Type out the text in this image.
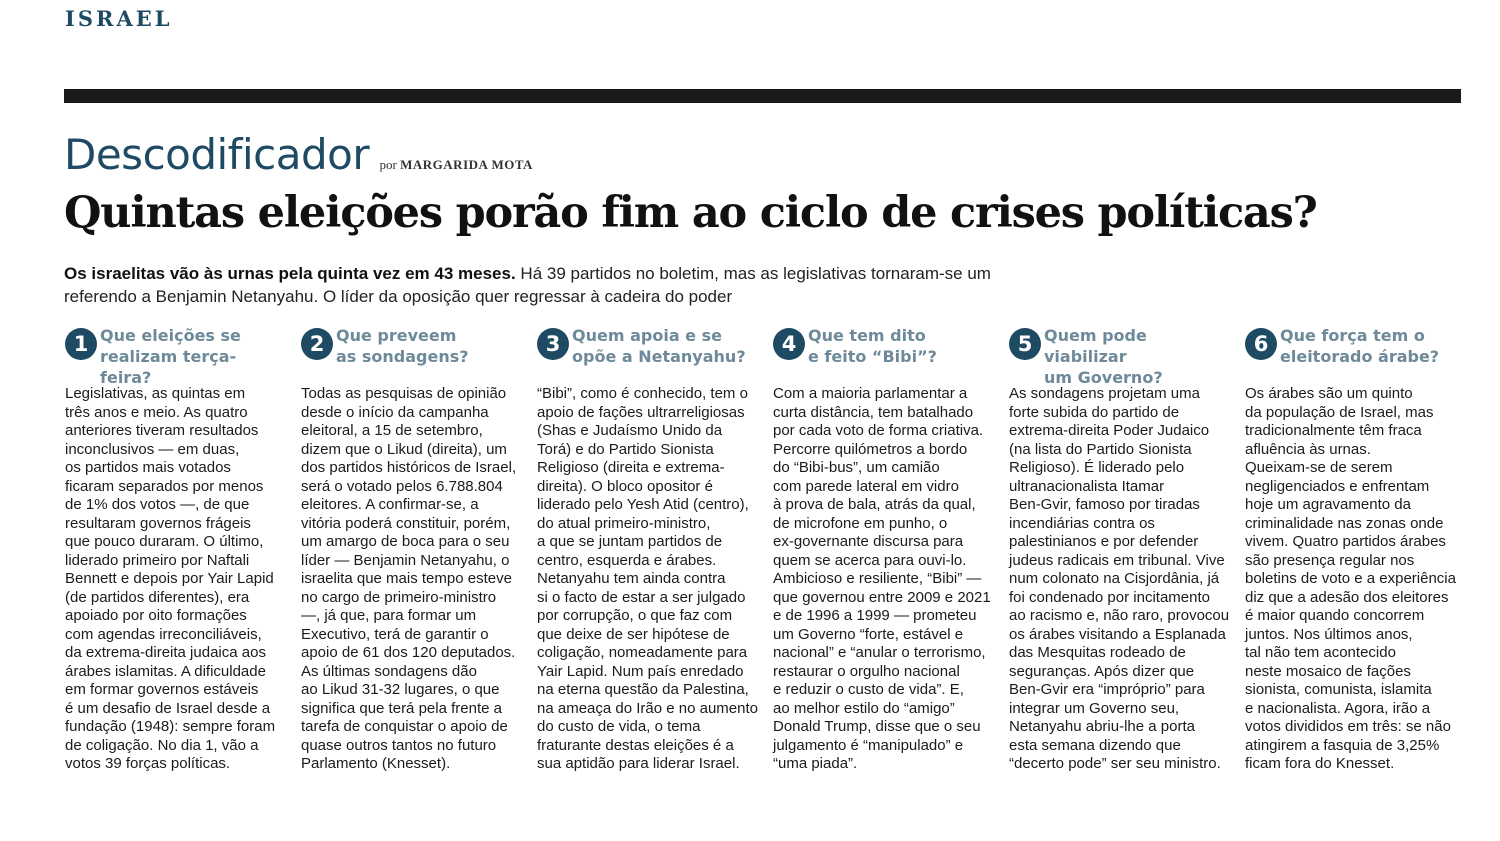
ISRAEL
Descodificador por MARGARIDA MOTA
Quintas eleições porão fim ao ciclo de crises políticas?

Os israelitas vão às urnas pela quinta vez em 43 meses. Há 39 partidos no boletim, mas as legislativas tornaram-se um referendo a Benjamin Netanyahu. O líder da oposição quer regressar à cadeira do poder

1 Que eleições se
realizam terça-feira?

Legislativas, as quintas em
três anos e meio. As quatro
anteriores tiveram resultados
inconclusivos — em duas,
os partidos mais votados
ficaram separados por menos
de 1% dos votos —, de que
resultaram governos frágeis
que pouco duraram. O último,
liderado primeiro por Naftali
Bennett e depois por Yair Lapid
(de partidos diferentes), era
apoiado por oito formações
com agendas irreconciliáveis,
da extrema-direita judaica aos
árabes islamitas. A dificuldade
em formar governos estáveis
é um desafio de Israel desde a
fundação (1948): sempre foram
de coligação. No dia 1, vão a
votos 39 forças políticas.

2 Que preveem
as sondagens?

Todas as pesquisas de opinião
desde o início da campanha
eleitoral, a 15 de setembro,
dizem que o Likud (direita), um
dos partidos históricos de Israel,
será o votado pelos 6.788.804
eleitores. A confirmar-se, a
vitória poderá constituir, porém,
um amargo de boca para o seu
líder — Benjamin Netanyahu, o
israelita que mais tempo esteve
no cargo de primeiro-ministro
—, já que, para formar um
Executivo, terá de garantir o
apoio de 61 dos 120 deputados.
As últimas sondagens dão
ao Likud 31-32 lugares, o que
significa que terá pela frente a
tarefa de conquistar o apoio de
quase outros tantos no futuro
Parlamento (Knesset).

3 Quem apoia e se
opõe a Netanyahu?

“Bibi”, como é conhecido, tem o
apoio de fações ultrarreligiosas
(Shas e Judaísmo Unido da
Torá) e do Partido Sionista
Religioso (direita e extrema-
direita). O bloco opositor é
liderado pelo Yesh Atid (centro),
do atual primeiro-ministro,
a que se juntam partidos de
centro, esquerda e árabes.
Netanyahu tem ainda contra
si o facto de estar a ser julgado
por corrupção, o que faz com
que deixe de ser hipótese de
coligação, nomeadamente para
Yair Lapid. Num país enredado
na eterna questão da Palestina,
na ameaça do Irão e no aumento
do custo de vida, o tema
fraturante destas eleições é a
sua aptidão para liderar Israel.

4 Que tem dito
e feito “Bibi”?

Com a maioria parlamentar a
curta distância, tem batalhado
por cada voto de forma criativa.
Percorre quilómetros a bordo
do “Bibi-bus”, um camião
com parede lateral em vidro
à prova de bala, atrás da qual,
de microfone em punho, o
ex-governante discursa para
quem se acerca para ouvi-lo.
Ambicioso e resiliente, “Bibi” —
que governou entre 2009 e 2021
e de 1996 a 1999 — prometeu
um Governo “forte, estável e
nacional” e “anular o terrorismo,
restaurar o orgulho nacional
e reduzir o custo de vida”. E,
ao melhor estilo do “amigo”
Donald Trump, disse que o seu
julgamento é “manipulado” e
“uma piada”.

5 Quem pode viabilizar
um Governo?

As sondagens projetam uma
forte subida do partido de
extrema-direita Poder Judaico
(na lista do Partido Sionista
Religioso). É liderado pelo
ultranacionalista Itamar
Ben-Gvir, famoso por tiradas
incendiárias contra os
palestinianos e por defender
judeus radicais em tribunal. Vive
num colonato na Cisjordânia, já
foi condenado por incitamento
ao racismo e, não raro, provocou
os árabes visitando a Esplanada
das Mesquitas rodeado de
seguranças. Após dizer que
Ben-Gvir era “impróprio” para
integrar um Governo seu,
Netanyahu abriu-lhe a porta
esta semana dizendo que
“decerto pode” ser seu ministro.

6 Que força tem o
eleitorado árabe?

Os árabes são um quinto
da população de Israel, mas
tradicionalmente têm fraca
afluência às urnas.
Queixam-se de serem
negligenciados e enfrentam
hoje um agravamento da
criminalidade nas zonas onde
vivem. Quatro partidos árabes
são presença regular nos
boletins de voto e a experiência
diz que a adesão dos eleitores
é maior quando concorrem
juntos. Nos últimos anos,
tal não tem acontecido
neste mosaico de fações
sionista, comunista, islamita
e nacionalista. Agora, irão a
votos divididos em três: se não
atingirem a fasquia de 3,25%
ficam fora do Knesset.
